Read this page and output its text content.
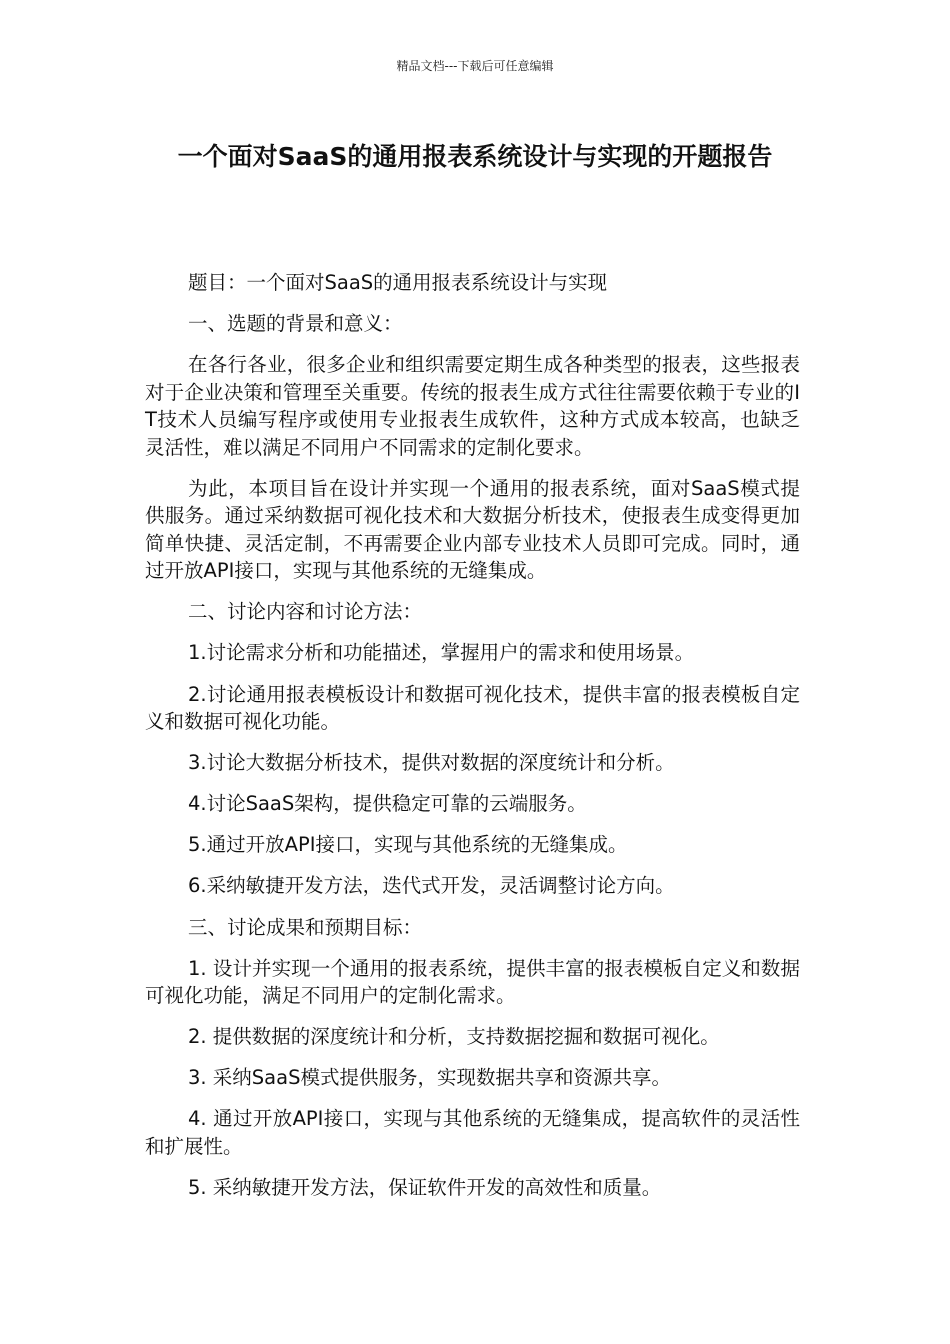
精品文档---下载后可任意编辑
一个面对SaaS的通用报表系统设计与实现的开题报告

题目：一个面对SaaS的通用报表系统设计与实现

一、选题的背景和意义：

在各行各业，很多企业和组织需要定期生成各种类型的报表，这些报表对于企业决策和管理至关重要。传统的报表生成方式往往需要依赖于专业的IT技术人员编写程序或使用专业报表生成软件，这种方式成本较高，也缺乏灵活性，难以满足不同用户不同需求的定制化要求。

为此，本项目旨在设计并实现一个通用的报表系统，面对SaaS模式提供服务。通过采纳数据可视化技术和大数据分析技术，使报表生成变得更加简单快捷、灵活定制，不再需要企业内部专业技术人员即可完成。同时，通过开放API接口，实现与其他系统的无缝集成。

二、讨论内容和讨论方法：

1.讨论需求分析和功能描述，掌握用户的需求和使用场景。

2.讨论通用报表模板设计和数据可视化技术，提供丰富的报表模板自定义和数据可视化功能。

3.讨论大数据分析技术，提供对数据的深度统计和分析。

4.讨论SaaS架构，提供稳定可靠的云端服务。

5.通过开放API接口，实现与其他系统的无缝集成。

6.采纳敏捷开发方法，迭代式开发，灵活调整讨论方向。

三、讨论成果和预期目标：

1. 设计并实现一个通用的报表系统，提供丰富的报表模板自定义和数据可视化功能，满足不同用户的定制化需求。

2. 提供数据的深度统计和分析，支持数据挖掘和数据可视化。

3. 采纳SaaS模式提供服务，实现数据共享和资源共享。

4. 通过开放API接口，实现与其他系统的无缝集成，提高软件的灵活性和扩展性。

5. 采纳敏捷开发方法，保证软件开发的高效性和质量。
